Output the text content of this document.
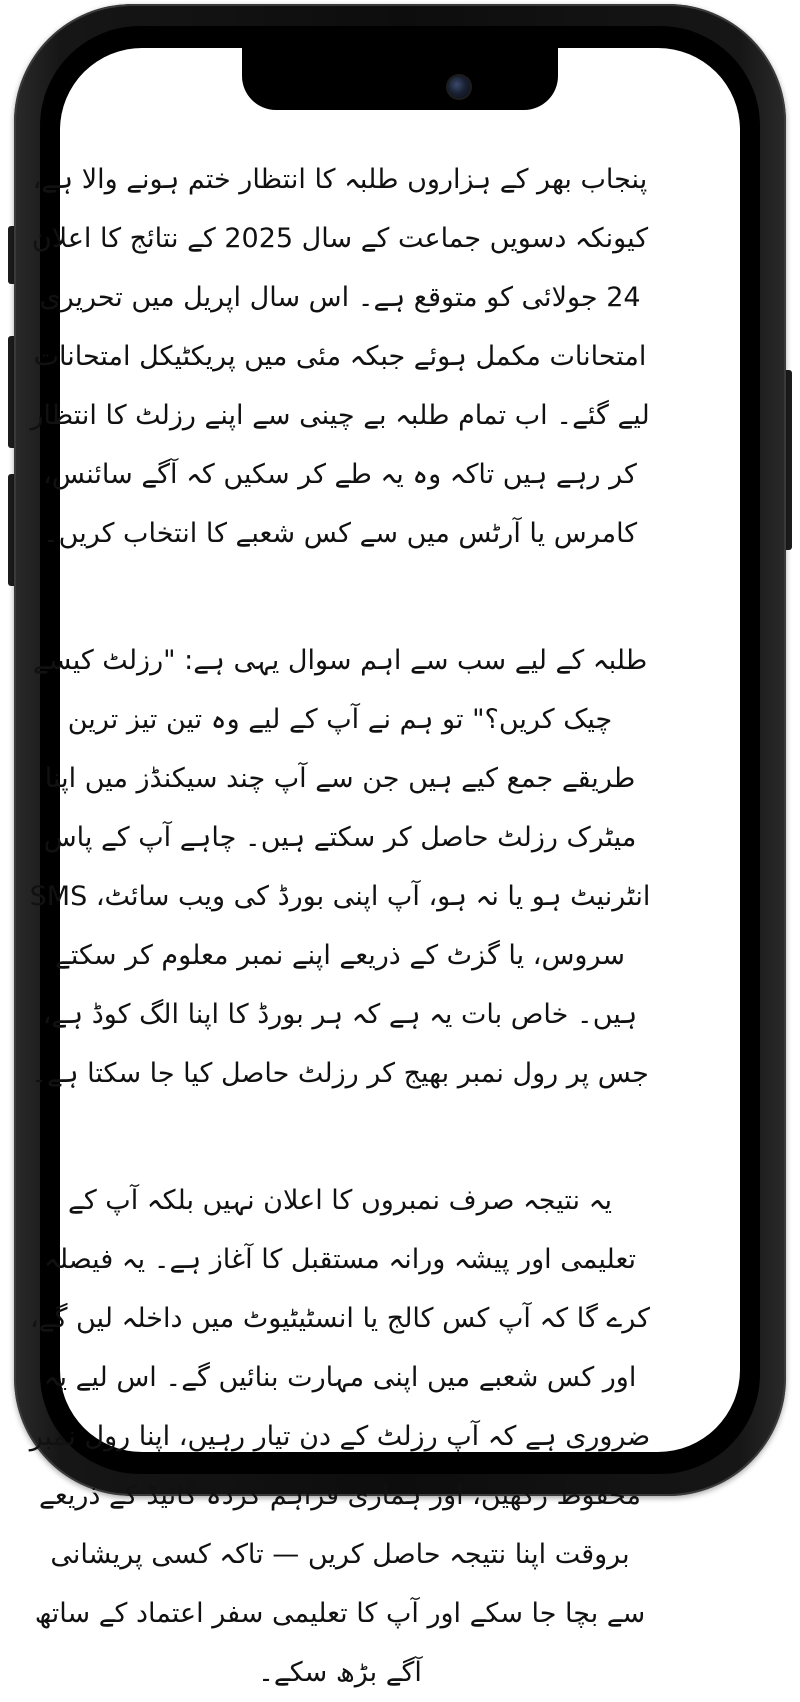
پنجاب بھر کے ہزاروں طلبہ کا انتظار ختم ہونے والا ہے، کیونکہ دسویں جماعت کے سال 2025 کے نتائج کا اعلان 24 جولائی کو متوقع ہے۔ اس سال اپریل میں تحریری امتحانات مکمل ہوئے جبکہ مئی میں پریکٹیکل امتحانات لیے گئے۔ اب تمام طلبہ بے چینی سے اپنے رزلٹ کا انتظار کر رہے ہیں تاکہ وہ یہ طے کر سکیں کہ آگے سائنس، کامرس یا آرٹس میں سے کس شعبے کا انتخاب کریں۔

طلبہ کے لیے سب سے اہم سوال یہی ہے: "رزلٹ کیسے چیک کریں؟" تو ہم نے آپ کے لیے وہ تین تیز ترین طریقے جمع کیے ہیں جن سے آپ چند سیکنڈز میں اپنا میٹرک رزلٹ حاصل کر سکتے ہیں۔ چاہے آپ کے پاس انٹرنیٹ ہو یا نہ ہو، آپ اپنی بورڈ کی ویب سائٹ، SMS سروس، یا گزٹ کے ذریعے اپنے نمبر معلوم کر سکتے ہیں۔ خاص بات یہ ہے کہ ہر بورڈ کا اپنا الگ کوڈ ہے، جس پر رول نمبر بھیج کر رزلٹ حاصل کیا جا سکتا ہے۔

یہ نتیجہ صرف نمبروں کا اعلان نہیں بلکہ آپ کے تعلیمی اور پیشہ ورانہ مستقبل کا آغاز ہے۔ یہ فیصلہ کرے گا کہ آپ کس کالج یا انسٹیٹیوٹ میں داخلہ لیں گے، اور کس شعبے میں اپنی مہارت بنائیں گے۔ اس لیے یہ ضروری ہے کہ آپ رزلٹ کے دن تیار رہیں، اپنا رول نمبر محفوظ رکھیں، اور ہماری فراہم کردہ گائیڈ کے ذریعے بروقت اپنا نتیجہ حاصل کریں — تاکہ کسی پریشانی سے بچا جا سکے اور آپ کا تعلیمی سفر اعتماد کے ساتھ آگے بڑھ سکے۔
